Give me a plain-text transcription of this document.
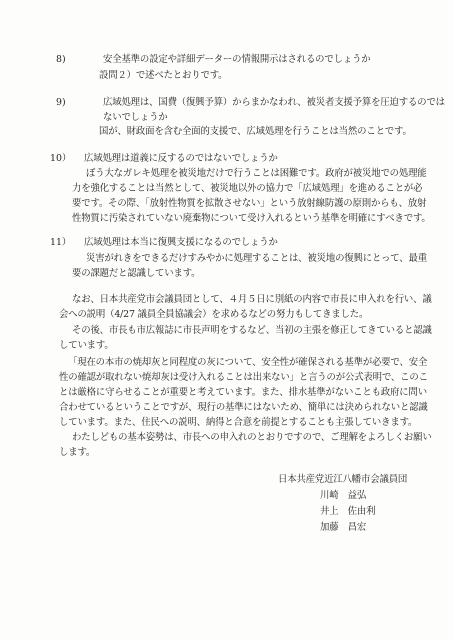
8)	安全基準の設定や詳細データーの情報開示はされるのでしょうか
設問２）で述べたとおりです。
9)	広域処理は、国費（復興予算）からまかなわれ、被災者支援予算を圧迫するのでは
ないでしょうか
国が、財政面を含む全面的支援で、広域処理を行うことは当然のことです。
10） 広域処理は道義に反するのではないでしょうか
ぼう大なガレキ処理を被災地だけで行うことは困難です。政府が被災地での処理能
力を強化することは当然として、被災地以外の協力で「広域処理」を進めることが必
要です。その際、「放射性物質を拡散させない」という放射線防護の原則からも、放射
性物質に汚染されていない廃棄物について受け入れるという基準を明確にすべきです。
11） 広域処理は本当に復興支援になるのでしょうか
災害がれきをできるだけすみやかに処理することは、被災地の復興にとって、最重
要の課題だと認識しています。
なお、日本共産党市会議員団として、４月５日に別紙の内容で市長に申入れを行い、議
会への説明（4/27 議員全員協議会）を求めるなどの努力もしてきました。
その後、市長も市広報誌に市長声明をするなど、当初の主張を修正してきていると認識
しています。
「現在の本市の焼却灰と同程度の灰について、安全性が確保される基準が必要で、安全
性の確認が取れない焼却灰は受け入れることは出来ない」と言うのが公式表明で、このこ
とは厳格に守らせることが重要と考えています。また、排水基準がないことも政府に問い
合わせているということですが、現行の基準にはないため、簡単には決められないと認識
しています。また、住民への説明、納得と合意を前提とすることも主張していきます。
わたしどもの基本姿勢は、市長への申入れのとおりですので、ご理解をよろしくお願い
します。
日本共産党近江八幡市会議員団
川崎　益弘
井上　佐由利
加藤　昌宏
